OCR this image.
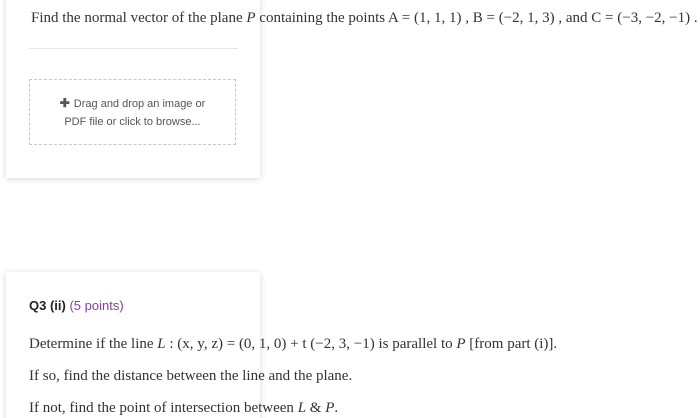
Find the normal vector of the plane P containing the points A = (1, 1, 1) , B = (−2, 1, 3) , and C = (−3, −2, −1) .
✚ Drag and drop an image or
PDF file or click to browse...
Q3 (ii) (5 points)
Determine if the line L : (x, y, z) = (0, 1, 0) + t (−2, 3, −1) is parallel to P [from part (i)].
If so, find the distance between the line and the plane.
If not, find the point of intersection between L & P.
